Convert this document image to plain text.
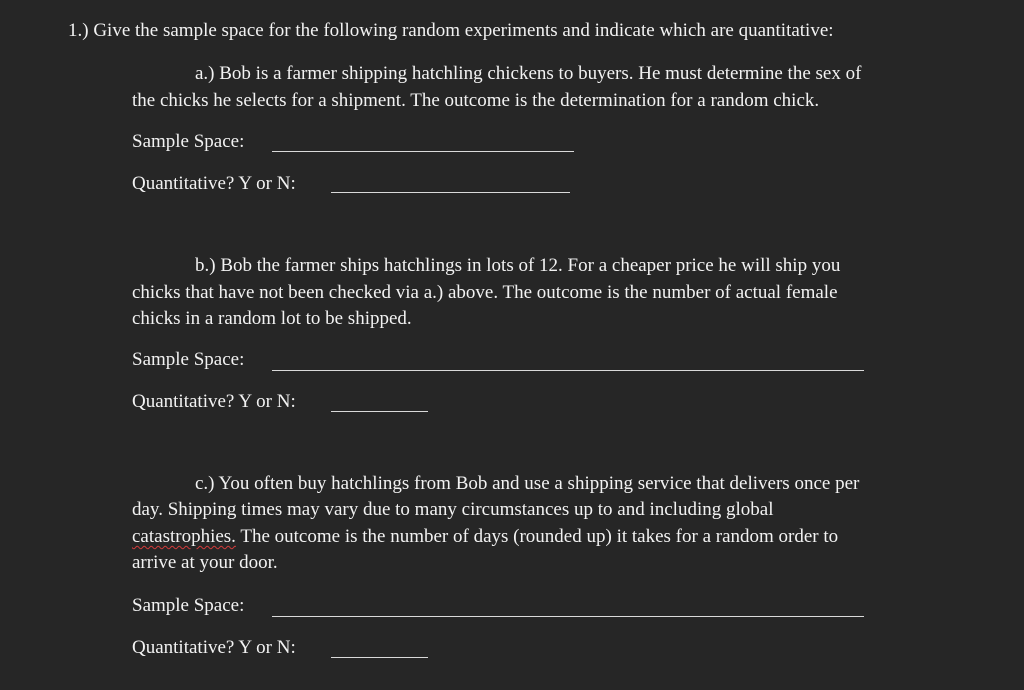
1.) Give the sample space for the following random experiments and indicate which are quantitative:
a.) Bob is a farmer shipping hatchling chickens to buyers. He must determine the sex of
the chicks he selects for a shipment. The outcome is the determination for a random chick.
Sample Space:
Quantitative? Y or N:
b.) Bob the farmer ships hatchlings in lots of 12. For a cheaper price he will ship you
chicks that have not been checked via a.) above. The outcome is the number of actual female
chicks in a random lot to be shipped.
Sample Space:
Quantitative? Y or N:
c.) You often buy hatchlings from Bob and use a shipping service that delivers once per
day. Shipping times may vary due to many circumstances up to and including global
catastrophies. The outcome is the number of days (rounded up) it takes for a random order to
arrive at your door.
Sample Space:
Quantitative? Y or N:
